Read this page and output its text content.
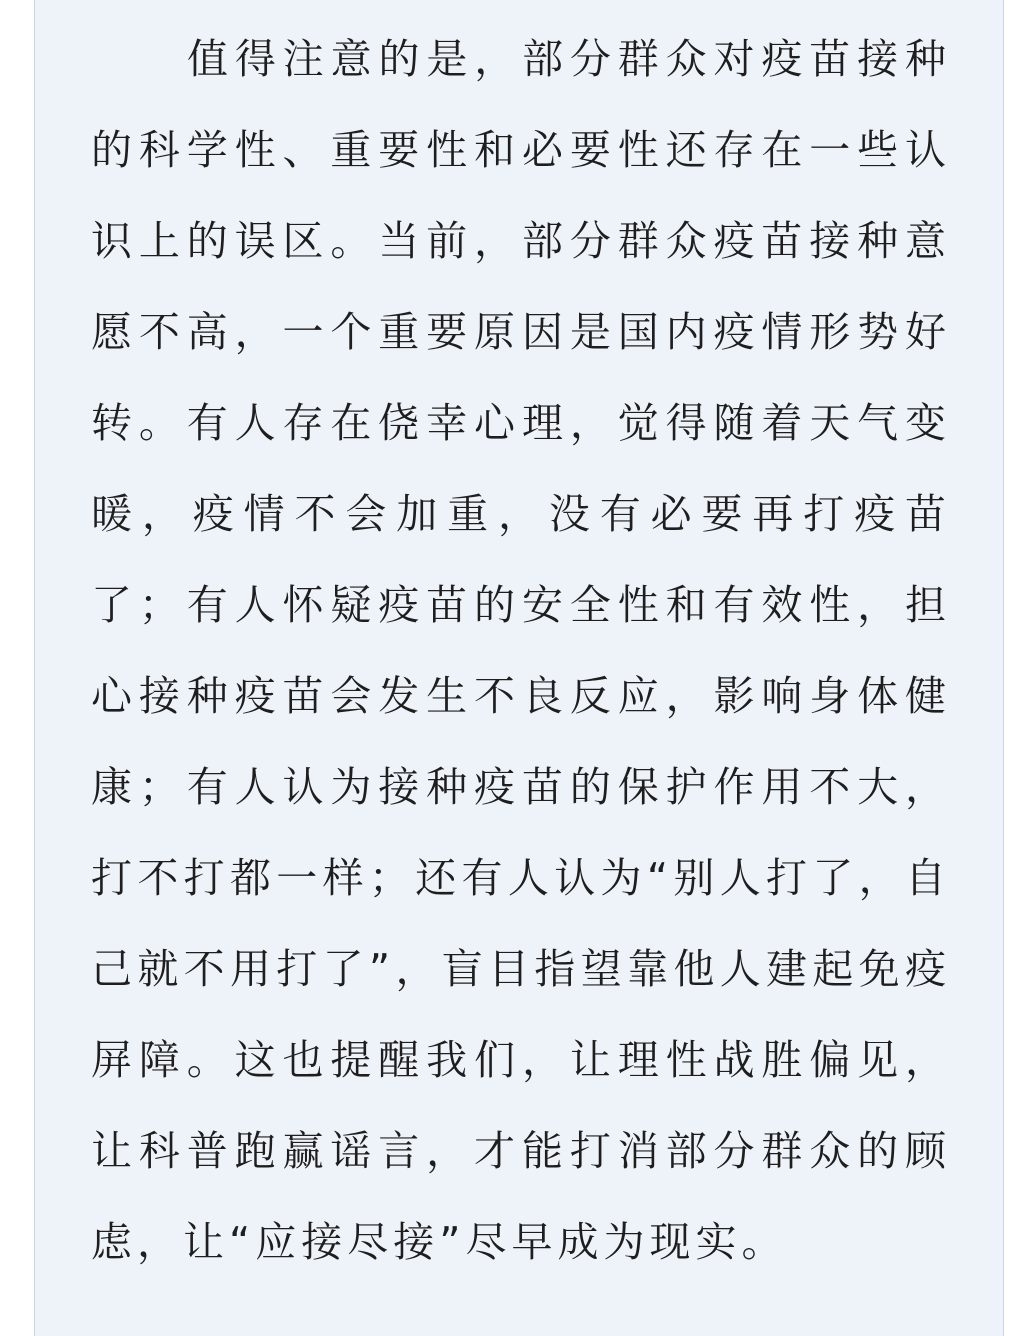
值得注意的是，部分群众对疫苗接种的科学性、重要性和必要性还存在一些认识上的误区。当前，部分群众疫苗接种意愿不高，一个重要原因是国内疫情形势好转。有人存在侥幸心理，觉得随着天气变暖，疫情不会加重，没有必要再打疫苗了；有人怀疑疫苗的安全性和有效性，担心接种疫苗会发生不良反应，影响身体健康；有人认为接种疫苗的保护作用不大，打不打都一样；还有人认为“别人打了，自己就不用打了”，盲目指望靠他人建起免疫屏障。这也提醒我们，让理性战胜偏见，让科普跑赢谣言，才能打消部分群众的顾虑，让“应接尽接”尽早成为现实。
